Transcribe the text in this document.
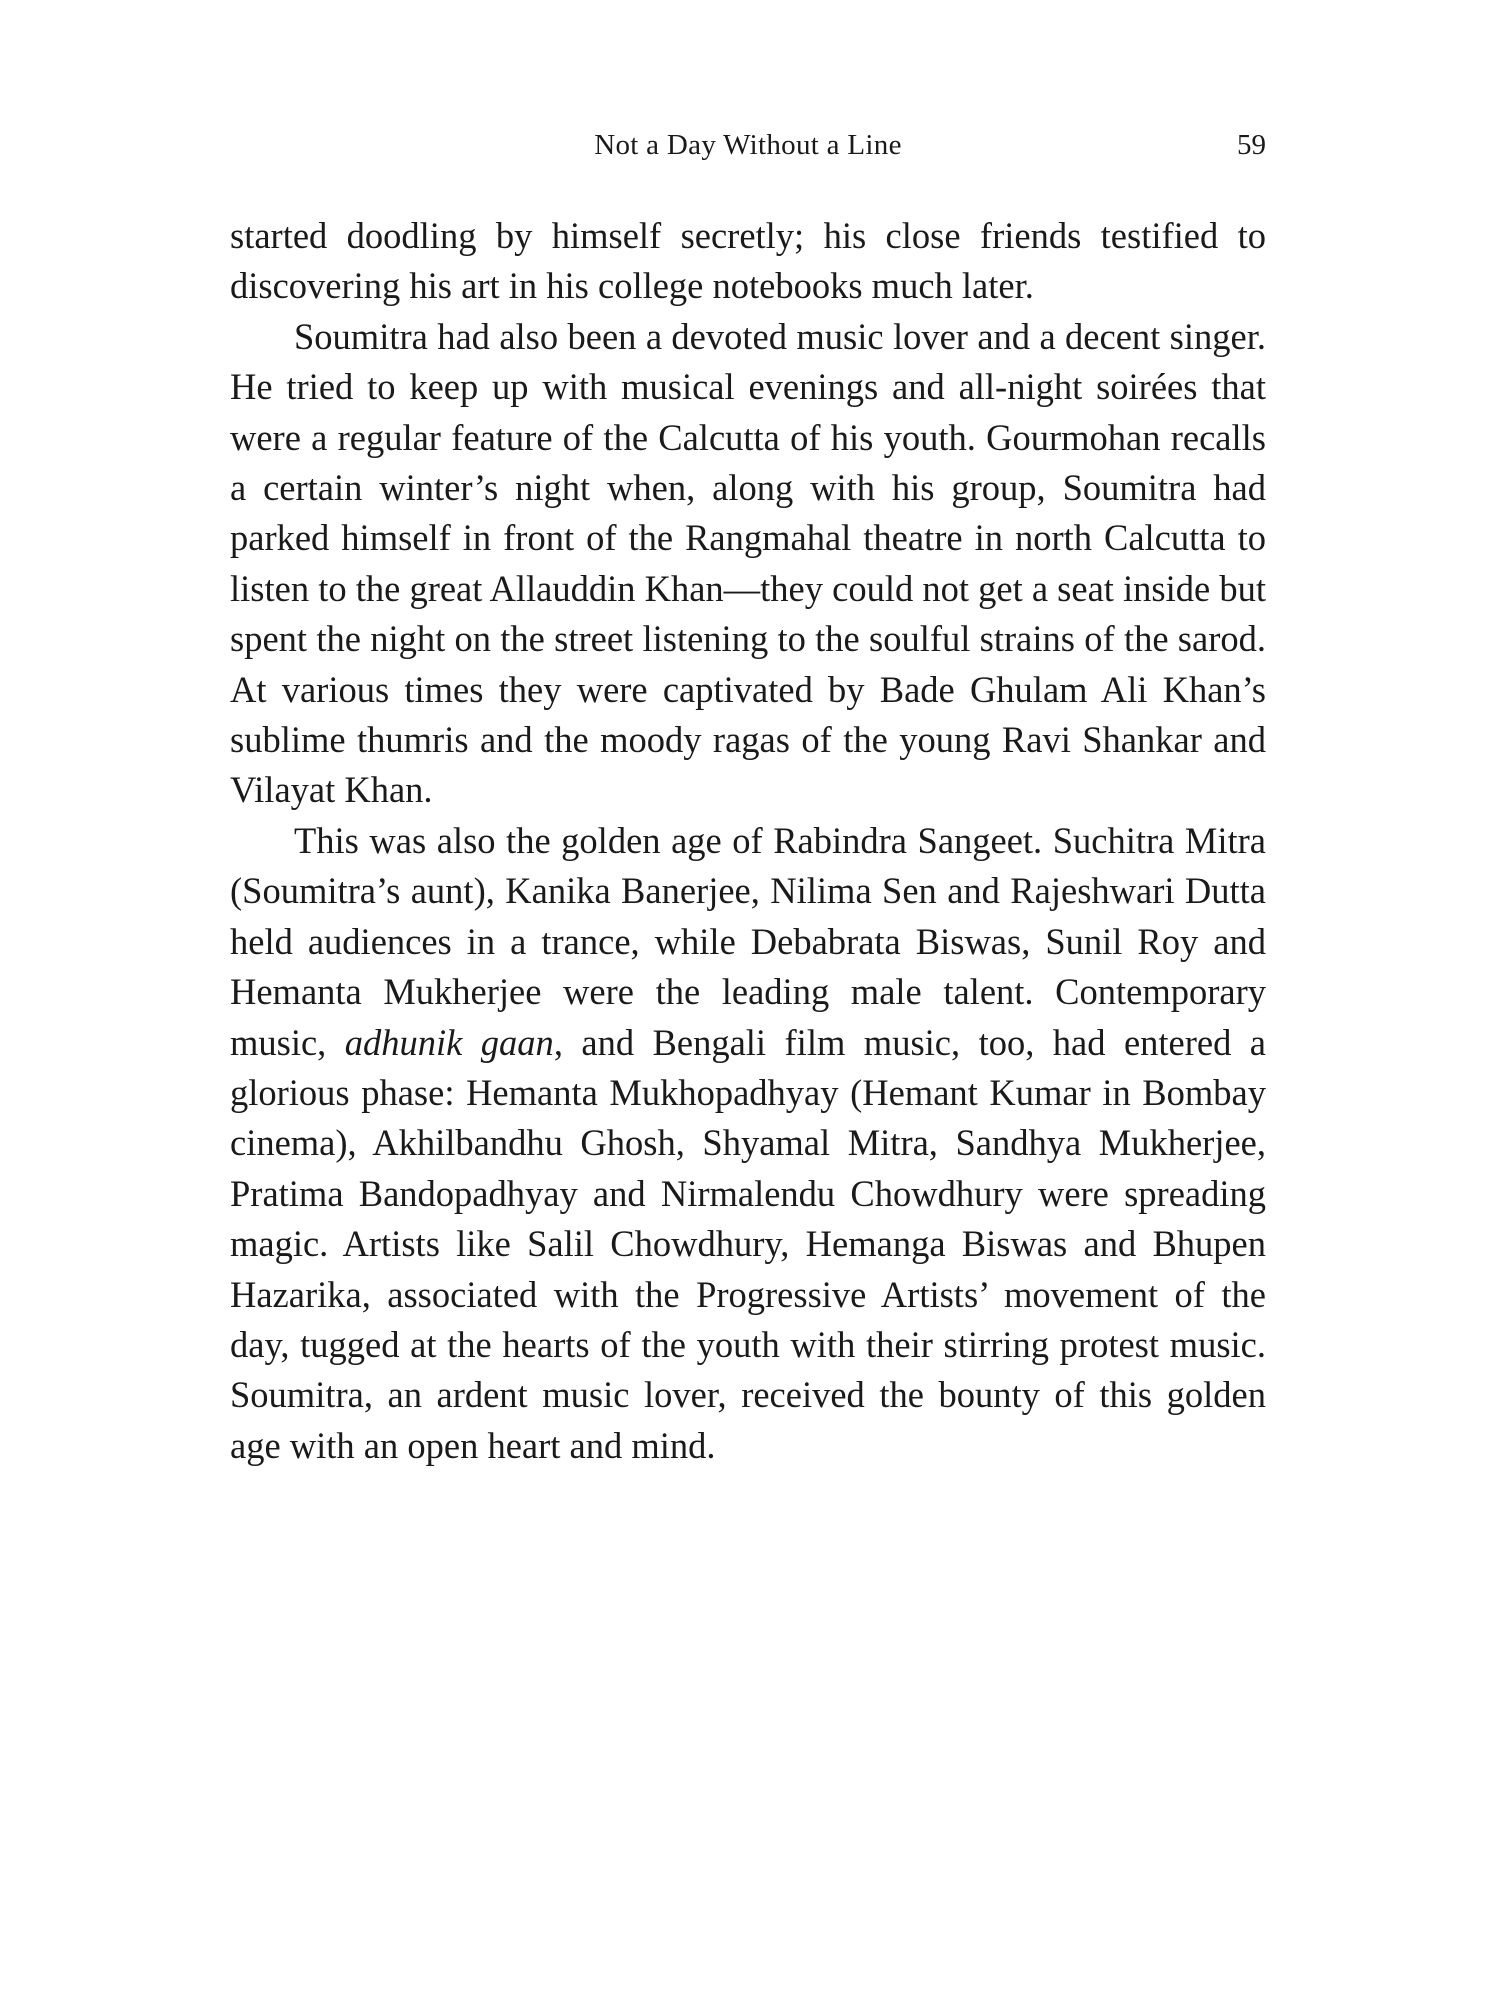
Not a Day Without a Line	59

started doodling by himself secretly; his close friends testified to discovering his art in his college notebooks much later.

Soumitra had also been a devoted music lover and a decent singer. He tried to keep up with musical evenings and all-night soirées that were a regular feature of the Calcutta of his youth. Gourmohan recalls a certain winter’s night when, along with his group, Soumitra had parked himself in front of the Rangmahal theatre in north Calcutta to listen to the great Allauddin Khan—they could not get a seat inside but spent the night on the street listening to the soulful strains of the sarod. At various times they were captivated by Bade Ghulam Ali Khan’s sublime thumris and the moody ragas of the young Ravi Shankar and Vilayat Khan.

This was also the golden age of Rabindra Sangeet. Suchitra Mitra (Soumitra’s aunt), Kanika Banerjee, Nilima Sen and Rajeshwari Dutta held audiences in a trance, while Debabrata Biswas, Sunil Roy and Hemanta Mukherjee were the leading male talent. Contemporary music, adhunik gaan, and Bengali film music, too, had entered a glorious phase: Hemanta Mukhopadhyay (Hemant Kumar in Bombay cinema), Akhilbandhu Ghosh, Shyamal Mitra, Sandhya Mukherjee, Pratima Bandopadhyay and Nirmalendu Chowdhury were spreading magic. Artists like Salil Chowdhury, Hemanga Biswas and Bhupen Hazarika, associated with the Progressive Artists’ movement of the day, tugged at the hearts of the youth with their stirring protest music. Soumitra, an ardent music lover, received the bounty of this golden age with an open heart and mind.
